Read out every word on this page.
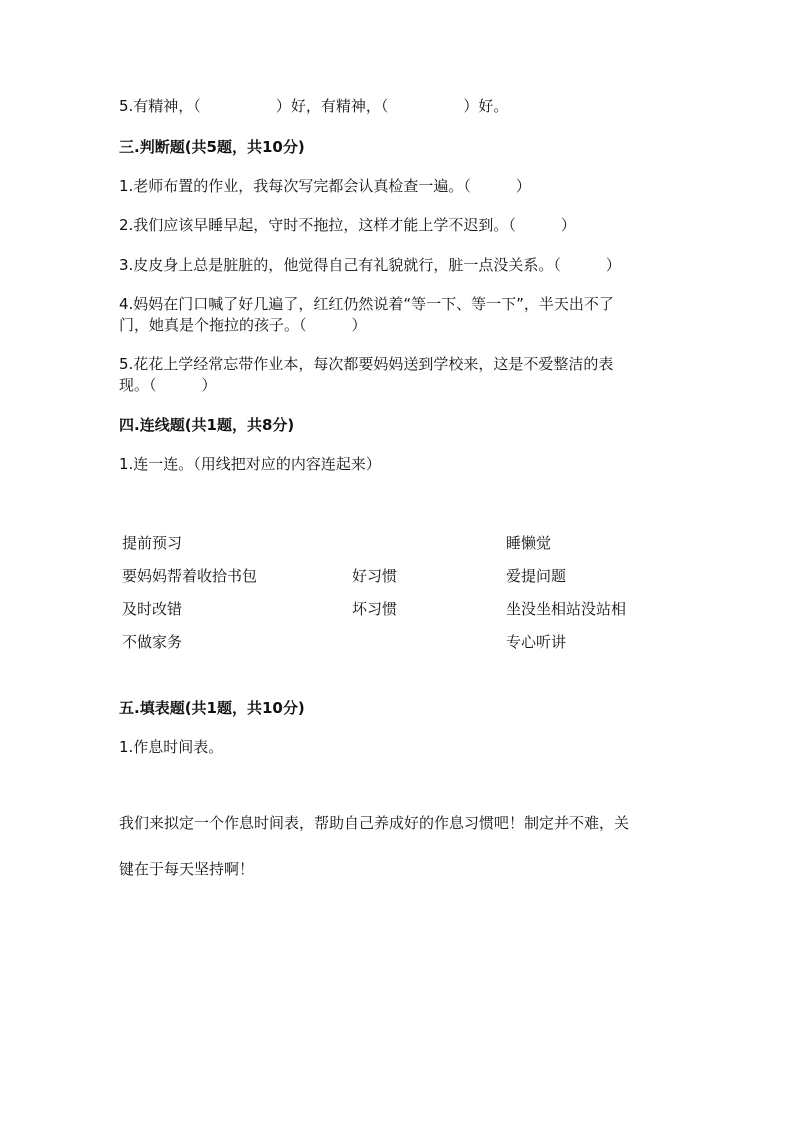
5.有精神，（　　　　　）好，有精神，（　　　　　）好。
三.判断题(共5题，共10分)
1.老师布置的作业，我每次写完都会认真检查一遍。（　　　）
2.我们应该早睡早起，守时不拖拉，这样才能上学不迟到。（　　　）
3.皮皮身上总是脏脏的，他觉得自己有礼貌就行，脏一点没关系。（　　　）
4.妈妈在门口喊了好几遍了，红红仍然说着“等一下、等一下”，半天出不了
门，她真是个拖拉的孩子。（　　　）
5.花花上学经常忘带作业本，每次都要妈妈送到学校来，这是不爱整洁的表
现。（　　　）
四.连线题(共1题，共8分)
1.连一连。（用线把对应的内容连起来）
提前预习
要妈妈帮着收拾书包
及时改错
不做家务
好习惯
坏习惯
睡懒觉
爱提问题
坐没坐相站没站相
专心听讲
五.填表题(共1题，共10分)
1.作息时间表。
我们来拟定一个作息时间表，帮助自己养成好的作息习惯吧！制定并不难，关
键在于每天坚持啊！
